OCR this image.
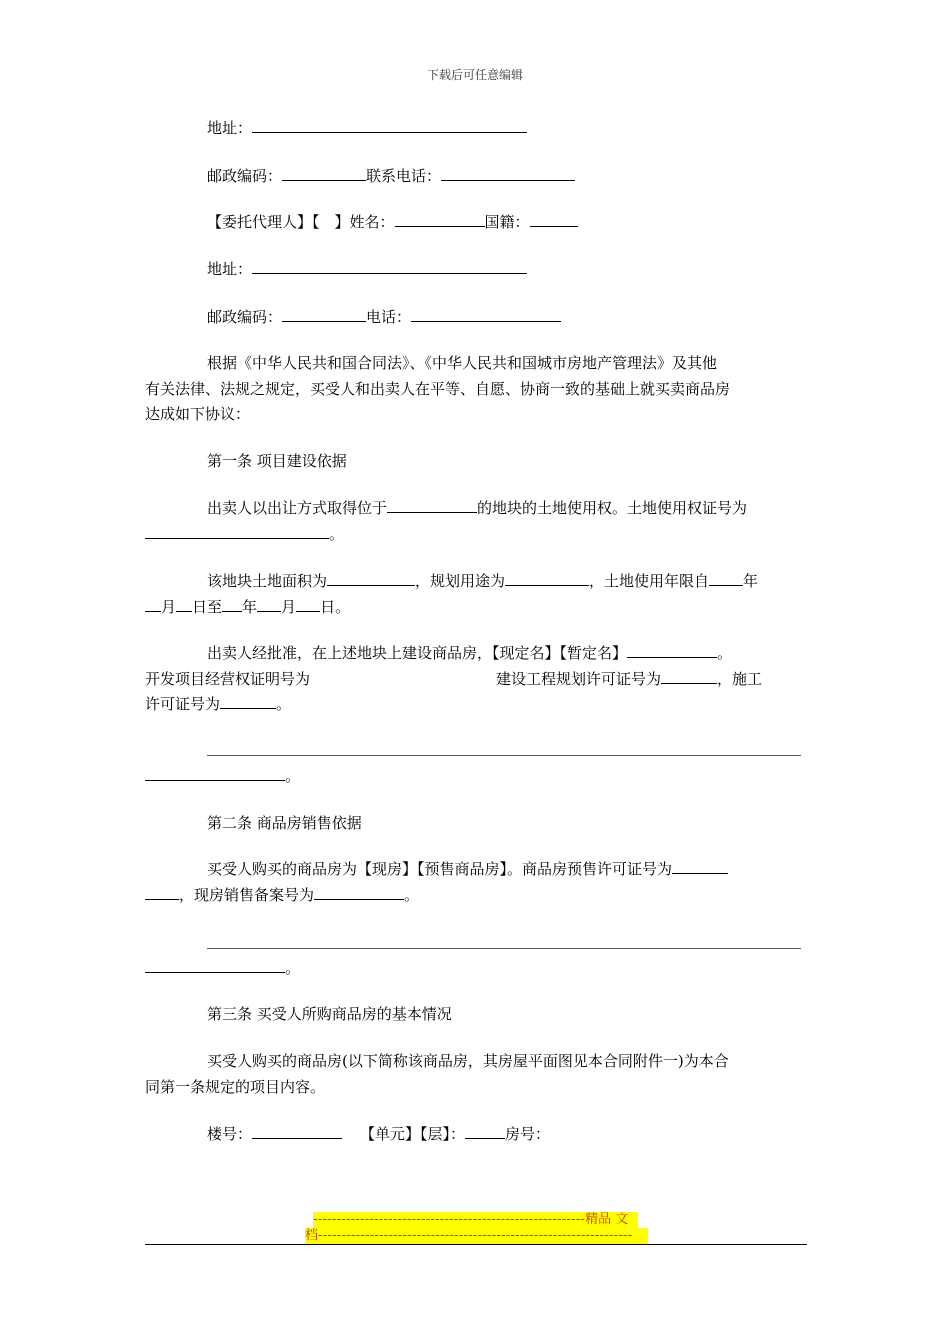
下载后可任意编辑
地址：
邮政编码：	联系电话：
【委托代理人】【　】姓名：	国籍：
地址：
邮政编码：	电话：
根据《中华人民共和国合同法》、《中华人民共和国城市房地产管理法》及其他
有关法律、法规之规定，买受人和出卖人在平等、自愿、协商一致的基础上就买卖商品房
达成如下协议：
第一条 项目建设依据
出卖人以出让方式取得位于	的地块的土地使用权。土地使用权证号为
。
该地块土地面积为	，规划用途为	，土地使用年限自 年
月 日至 年 月 日。
出卖人经批准，在上述地块上建设商品房，【现定名】【暂定名】	。
开发项目经营权证明号为	建设工程规划许可证号为	，施工
许可证号为	。
。
第二条 商品房销售依据
买受人购买的商品房为【现房】【预售商品房】。商品房预售许可证号为
，现房销售备案号为	。
。
第三条 买受人所购商品房的基本情况
买受人购买的商品房(以下简称该商品房，其房屋平面图见本合同附件一)为本合
同第一条规定的项目内容。
楼号：	【单元】【层】：	房号：
----------------------------------------------------------精品 文
档-------------------------------------------------------------------
